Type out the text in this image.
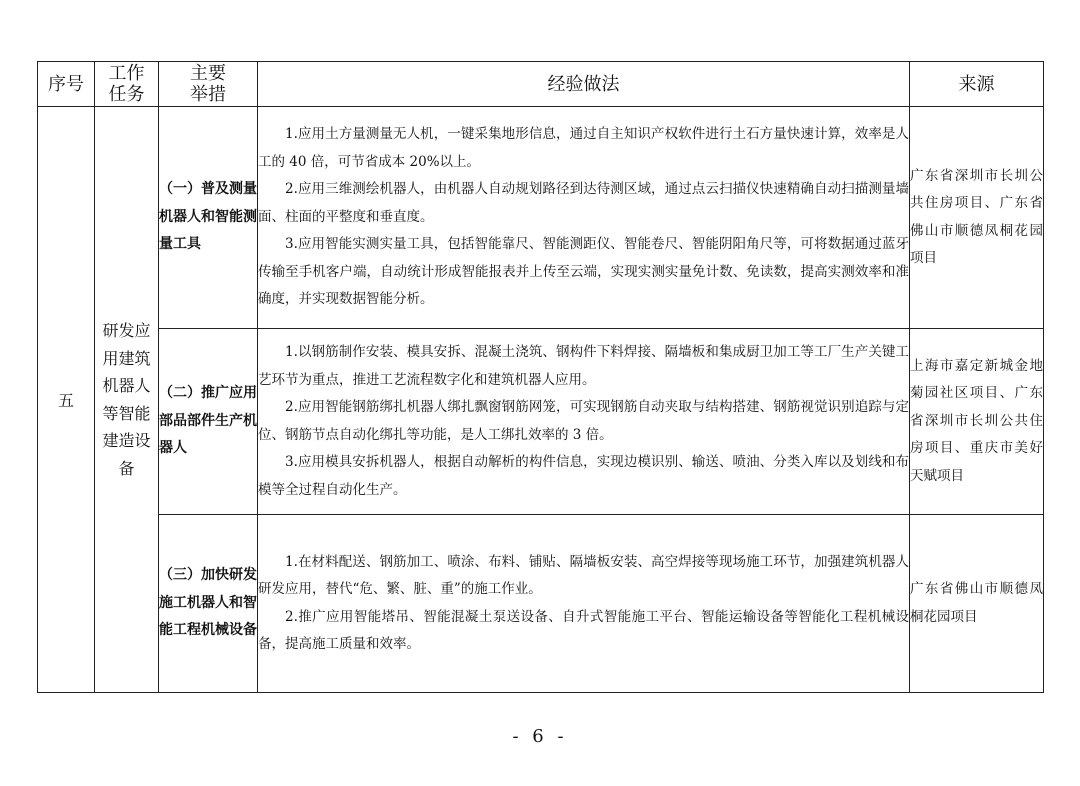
序号	工作任务	主要举措	经验做法	来源
五	研发应用建筑机器人等智能建造设备	（一）普及测量机器人和智能测量工具	1.应用土方量测量无人机，一键采集地形信息，通过自主知识产权软件进行土石方量快速计算，效率是人工的 40 倍，可节省成本 20%以上。

2.应用三维测绘机器人，由机器人自动规划路径到达待测区域，通过点云扫描仪快速精确自动扫描测量墙面、柱面的平整度和垂直度。

3.应用智能实测实量工具，包括智能靠尺、智能测距仪、智能卷尺、智能阴阳角尺等，可将数据通过蓝牙传输至手机客户端，自动统计形成智能报表并上传至云端，实现实测实量免计数、免读数，提高实测效率和准确度，并实现数据智能分析。	广东省深圳市长圳公共住房项目、广东省佛山市顺德凤桐花园项目
		（二）推广应用部品部件生产机器人	1.以钢筋制作安装、模具安拆、混凝土浇筑、钢构件下料焊接、隔墙板和集成厨卫加工等工厂生产关键工艺环节为重点，推进工艺流程数字化和建筑机器人应用。

2.应用智能钢筋绑扎机器人绑扎飘窗钢筋网笼，可实现钢筋自动夹取与结构搭建、钢筋视觉识别追踪与定位、钢筋节点自动化绑扎等功能，是人工绑扎效率的 3 倍。

3.应用模具安拆机器人，根据自动解析的构件信息，实现边模识别、输送、喷油、分类入库以及划线和布模等全过程自动化生产。	上海市嘉定新城金地菊园社区项目、广东省深圳市长圳公共住房项目、重庆市美好天赋项目
		（三）加快研发施工机器人和智能工程机械设备	1.在材料配送、钢筋加工、喷涂、布料、铺贴、隔墙板安装、高空焊接等现场施工环节，加强建筑机器人研发应用，替代“危、繁、脏、重”的施工作业。

2.推广应用智能塔吊、智能混凝土泵送设备、自升式智能施工平台、智能运输设备等智能化工程机械设备，提高施工质量和效率。	广东省佛山市顺德凤桐花园项目
- 6 -
